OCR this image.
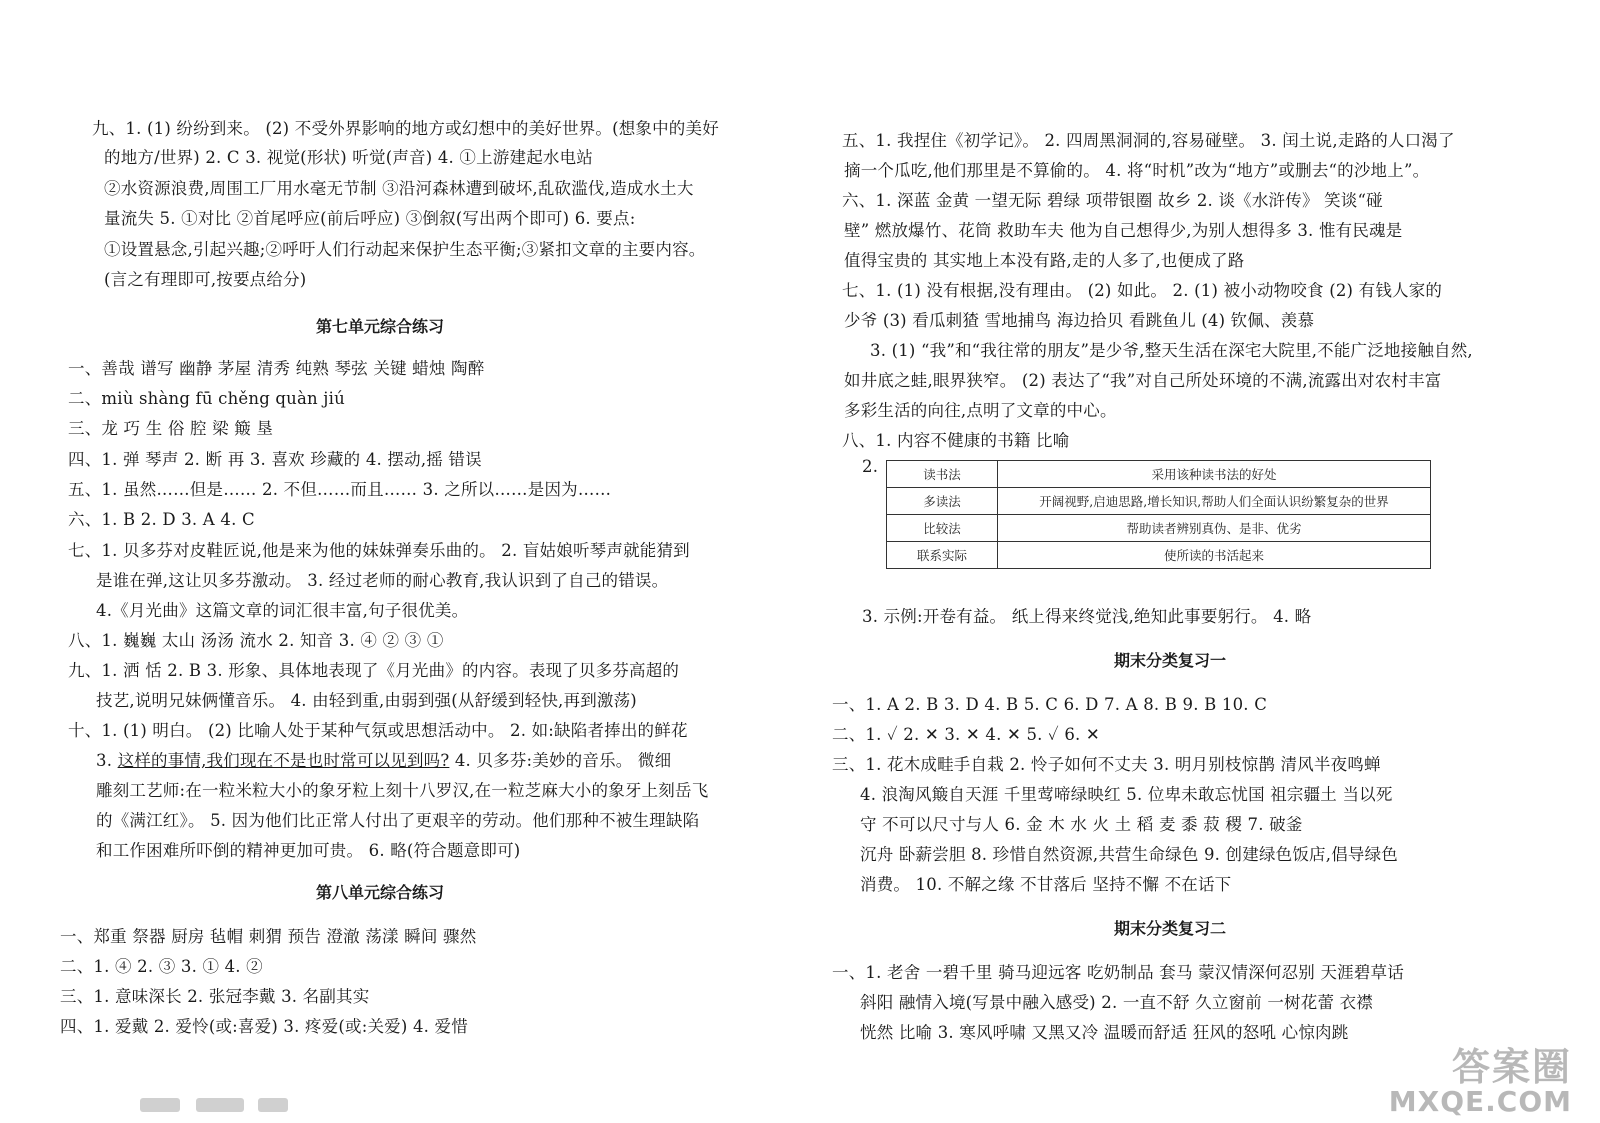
九、1. (1) 纷纷到来。 (2) 不受外界影响的地方或幻想中的美好世界。(想象中的美好
的地方/世界) 2. C 3. 视觉(形状) 听觉(声音) 4. ①上游建起水电站
②水资源浪费,周围工厂用水毫无节制 ③沿河森林遭到破坏,乱砍滥伐,造成水土大
量流失 5. ①对比 ②首尾呼应(前后呼应) ③倒叙(写出两个即可) 6. 要点:
①设置悬念,引起兴趣;②呼吁人们行动起来保护生态平衡;③紧扣文章的主要内容。
(言之有理即可,按要点给分)
第七单元综合练习
一、善哉 谱写 幽静 茅屋 清秀 纯熟 琴弦 关键 蜡烛 陶醉
二、miù shàng fū chěng quàn jiú
三、龙 巧 生 俗 腔 梁 簸 垦
四、1. 弹 琴声 2. 断 再 3. 喜欢 珍藏的 4. 摆动,摇 错误
五、1. 虽然……但是…… 2. 不但……而且…… 3. 之所以……是因为……
六、1. B 2. D 3. A 4. C
七、1. 贝多芬对皮鞋匠说,他是来为他的妹妹弹奏乐曲的。 2. 盲姑娘听琴声就能猜到
是谁在弹,这让贝多芬激动。 3. 经过老师的耐心教育,我认识到了自己的错误。
4.《月光曲》这篇文章的词汇很丰富,句子很优美。
八、1. 巍巍 太山 汤汤 流水 2. 知音 3. ④ ② ③ ①
九、1. 洒 恬 2. B 3. 形象、具体地表现了《月光曲》的内容。表现了贝多芬高超的
技艺,说明兄妹俩懂音乐。 4. 由轻到重,由弱到强(从舒缓到轻快,再到激荡)
十、1. (1) 明白。 (2) 比喻人处于某种气氛或思想活动中。 2. 如:缺陷者捧出的鲜花
3. 这样的事情,我们现在不是也时常可以见到吗? 4. 贝多芬:美妙的音乐。 微细
雕刻工艺师:在一粒米粒大小的象牙粒上刻十八罗汉,在一粒芝麻大小的象牙上刻岳飞
的《满江红》。 5. 因为他们比正常人付出了更艰辛的劳动。他们那种不被生理缺陷
和工作困难所吓倒的精神更加可贵。 6. 略(符合题意即可)
第八单元综合练习
一、郑重 祭器 厨房 毡帽 刺猬 预告 澄澈 荡漾 瞬间 骤然
二、1. ④ 2. ③ 3. ① 4. ②
三、1. 意味深长 2. 张冠李戴 3. 名副其实
四、1. 爱戴 2. 爱怜(或:喜爱) 3. 疼爱(或:关爱) 4. 爱惜
五、1. 我捏住《初学记》。 2. 四周黑洞洞的,容易碰壁。 3. 闰土说,走路的人口渴了
摘一个瓜吃,他们那里是不算偷的。 4. 将“时机”改为“地方”或删去“的沙地上”。
六、1. 深蓝 金黄 一望无际 碧绿 项带银圈 故乡 2. 谈《水浒传》 笑谈“碰
壁” 燃放爆竹、花筒 救助车夫 他为自己想得少,为别人想得多 3. 惟有民魂是
值得宝贵的 其实地上本没有路,走的人多了,也便成了路
七、1. (1) 没有根据,没有理由。 (2) 如此。 2. (1) 被小动物咬食 (2) 有钱人家的
少爷 (3) 看瓜刺猹 雪地捕鸟 海边拾贝 看跳鱼儿 (4) 钦佩、羡慕
3. (1) “我”和“我往常的朋友”是少爷,整天生活在深宅大院里,不能广泛地接触自然,
如井底之蛙,眼界狭窄。 (2) 表达了“我”对自己所处环境的不满,流露出对农村丰富
多彩生活的向往,点明了文章的中心。
八、1. 内容不健康的书籍 比喻
2.	读书法	采用该种读书法的好处
多读法	开阔视野,启迪思路,增长知识,帮助人们全面认识纷繁复杂的世界
比较法	帮助读者辨别真伪、是非、优劣
联系实际	使所读的书活起来
3. 示例:开卷有益。 纸上得来终觉浅,绝知此事要躬行。 4. 略
期末分类复习一
一、1. A 2. B 3. D 4. B 5. C 6. D 7. A 8. B 9. B 10. C
二、1. ✓ 2. ✕ 3. ✕ 4. ✕ 5. ✓ 6. ✕
三、1. 花木成畦手自栽 2. 怜子如何不丈夫 3. 明月别枝惊鹊 清风半夜鸣蝉
4. 浪淘风簸自天涯 千里莺啼绿映红 5. 位卑未敢忘忧国 祖宗疆土 当以死
守 不可以尺寸与人 6. 金 木 水 火 土 稻 麦 黍 菽 稷 7. 破釜
沉舟 卧薪尝胆 8. 珍惜自然资源,共营生命绿色 9. 创建绿色饭店,倡导绿色
消费。 10. 不解之缘 不甘落后 坚持不懈 不在话下
期末分类复习二
一、1. 老舍 一碧千里 骑马迎远客 吃奶制品 套马 蒙汉情深何忍别 天涯碧草话
斜阳 融情入境(写景中融入感受) 2. 一直不舒 久立窗前 一树花蕾 衣襟
恍然 比喻 3. 寒风呼啸 又黑又冷 温暖而舒适 狂风的怒吼 心惊肉跳
答案圈
MXQE.COM
